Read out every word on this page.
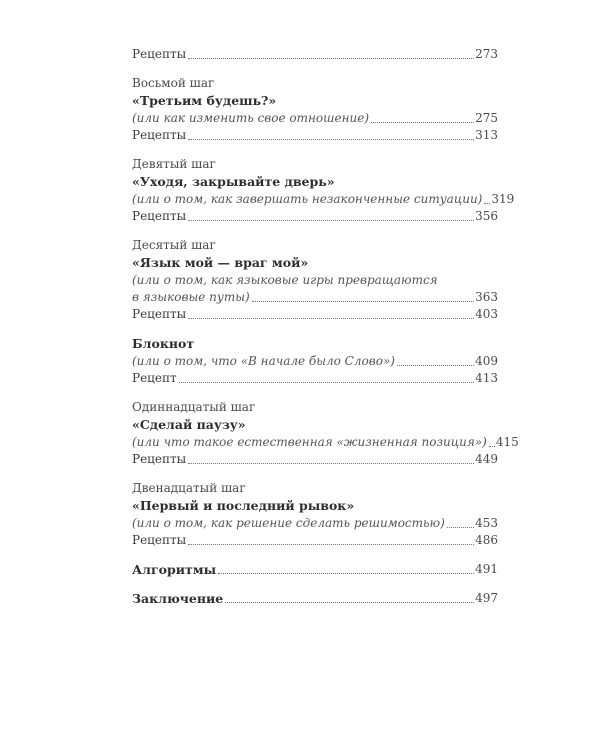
Рецепты	273
Восьмой шаг
«Третьим будешь?»
(или как изменить свое отношение)	275
Рецепты	313
Девятый шаг
«Уходя, закрывайте дверь»
(или о том, как завершать незаконченные ситуации) 319
Рецепты	356
Десятый шаг
«Язык мой — враг мой»
(или о том, как языковые игры превращаются
в языковые путы)	363
Рецепты	403
Блокнот
(или о том, что «В начале было Слово»)	409
Рецепт	413
Одиннадцатый шаг
«Сделай паузу»
(или что такое естественная «жизненная позиция») 415
Рецепты	449
Двенадцатый шаг
«Первый и последний рывок»
(или о том, как решение сделать решимостью)	453
Рецепты	486
Алгоритмы	491
Заключение	497
